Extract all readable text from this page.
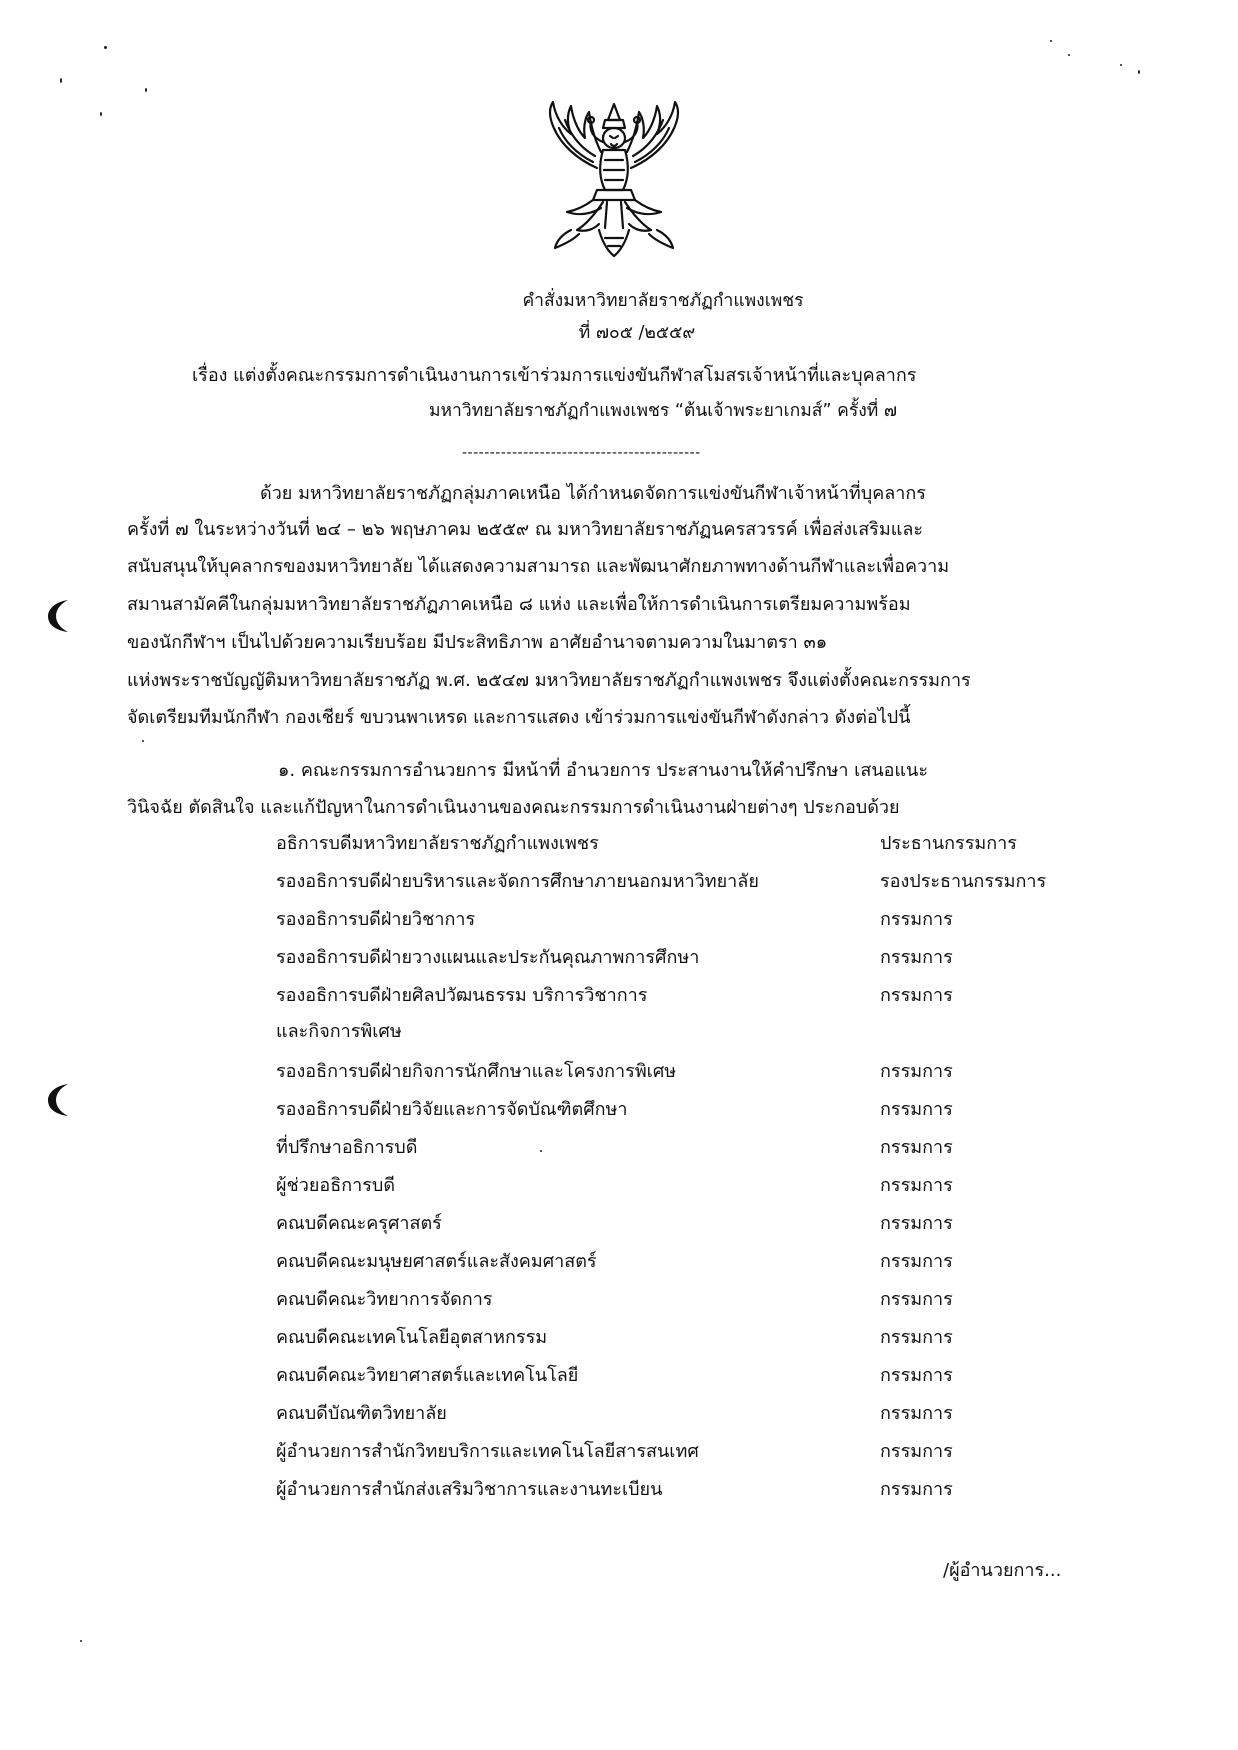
คำสั่งมหาวิทยาลัยราชภัฏกำแพงเพชร
ที่ ๗๐๕ /๒๕๕๙
เรื่อง แต่งตั้งคณะกรรมการดำเนินงานการเข้าร่วมการแข่งขันกีฬาสโมสรเจ้าหน้าที่และบุคลากร
มหาวิทยาลัยราชภัฏกำแพงเพชร “ต้นเจ้าพระยาเกมส์” ครั้งที่ ๗
-------------------------------------------
ด้วย มหาวิทยาลัยราชภัฏกลุ่มภาคเหนือ ได้กำหนดจัดการแข่งขันกีฬาเจ้าหน้าที่บุคลากร
ครั้งที่ ๗ ในระหว่างวันที่ ๒๔ – ๒๖ พฤษภาคม ๒๕๕๙ ณ มหาวิทยาลัยราชภัฏนครสวรรค์ เพื่อส่งเสริมและ
สนับสนุนให้บุคลากรของมหาวิทยาลัย ได้แสดงความสามารถ และพัฒนาศักยภาพทางด้านกีฬาและเพื่อความ
สมานสามัคคีในกลุ่มมหาวิทยาลัยราชภัฏภาคเหนือ ๘ แห่ง และเพื่อให้การดำเนินการเตรียมความพร้อม
ของนักกีฬาฯ เป็นไปด้วยความเรียบร้อย มีประสิทธิภาพ อาศัยอำนาจตามความในมาตรา ๓๑
แห่งพระราชบัญญัติมหาวิทยาลัยราชภัฏ พ.ศ. ๒๕๔๗ มหาวิทยาลัยราชภัฏกำแพงเพชร จึงแต่งตั้งคณะกรรมการ
จัดเตรียมทีมนักกีฬา กองเชียร์ ขบวนพาเหรด และการแสดง เข้าร่วมการแข่งขันกีฬาดังกล่าว ดังต่อไปนี้
๑. คณะกรรมการอำนวยการ มีหน้าที่ อำนวยการ ประสานงานให้คำปรึกษา เสนอแนะ
วินิจฉัย ตัดสินใจ และแก้ปัญหาในการดำเนินงานของคณะกรรมการดำเนินงานฝ่ายต่างๆ ประกอบด้วย
อธิการบดีมหาวิทยาลัยราชภัฏกำแพงเพชร	ประธานกรรมการ
รองอธิการบดีฝ่ายบริหารและจัดการศึกษาภายนอกมหาวิทยาลัย	รองประธานกรรมการ
รองอธิการบดีฝ่ายวิชาการ	กรรมการ
รองอธิการบดีฝ่ายวางแผนและประกันคุณภาพการศึกษา	กรรมการ
รองอธิการบดีฝ่ายศิลปวัฒนธรรม บริการวิชาการ	กรรมการ
และกิจการพิเศษ
รองอธิการบดีฝ่ายกิจการนักศึกษาและโครงการพิเศษ	กรรมการ
รองอธิการบดีฝ่ายวิจัยและการจัดบัณฑิตศึกษา	กรรมการ
ที่ปรึกษาอธิการบดี	กรรมการ
ผู้ช่วยอธิการบดี	กรรมการ
คณบดีคณะครุศาสตร์	กรรมการ
คณบดีคณะมนุษยศาสตร์และสังคมศาสตร์	กรรมการ
คณบดีคณะวิทยาการจัดการ	กรรมการ
คณบดีคณะเทคโนโลยีอุตสาหกรรม	กรรมการ
คณบดีคณะวิทยาศาสตร์และเทคโนโลยี	กรรมการ
คณบดีบัณฑิตวิทยาลัย	กรรมการ
ผู้อำนวยการสำนักวิทยบริการและเทคโนโลยีสารสนเทศ	กรรมการ
ผู้อำนวยการสำนักส่งเสริมวิชาการและงานทะเบียน	กรรมการ
/ผู้อำนวยการ...
